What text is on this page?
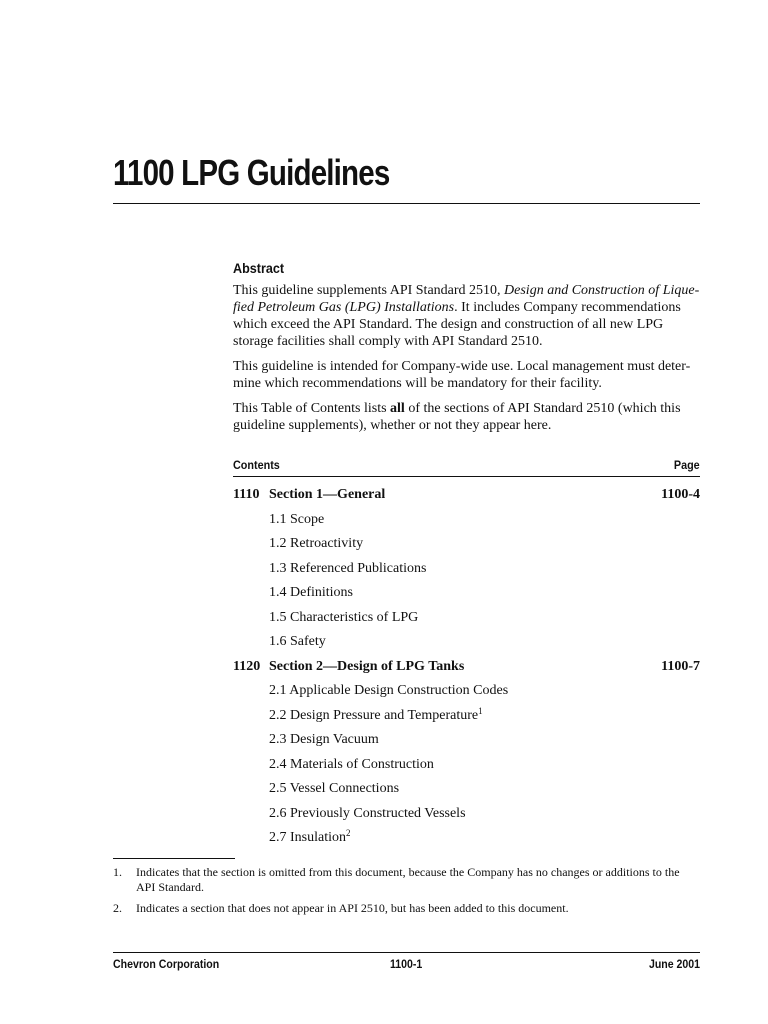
1100 LPG Guidelines
Abstract

This guideline supplements API Standard 2510, Design and Construction of Lique-fied Petroleum Gas (LPG) Installations. It includes Company recommendations which exceed the API Standard. The design and construction of all new LPG storage facilities shall comply with API Standard 2510.

This guideline is intended for Company-wide use. Local management must deter-mine which recommendations will be mandatory for their facility.

This Table of Contents lists all of the sections of API Standard 2510 (which this guideline supplements), whether or not they appear here.

Contents	Page
1110 Section 1—General	1100-4
1.1 Scope
1.2 Retroactivity
1.3 Referenced Publications
1.4 Definitions
1.5 Characteristics of LPG
1.6 Safety
1120 Section 2—Design of LPG Tanks	1100-7
2.1 Applicable Design Construction Codes
2.2 Design Pressure and Temperature$^1$
2.3 Design Vacuum
2.4 Materials of Construction
2.5 Vessel Connections
2.6 Previously Constructed Vessels
2.7 Insulation$^2$
1. Indicates that the section is omitted from this document, because the Company has no changes or additions to the API Standard.
2. Indicates a section that does not appear in API 2510, but has been added to this document.
Chevron Corporation	1100-1	June 2001
